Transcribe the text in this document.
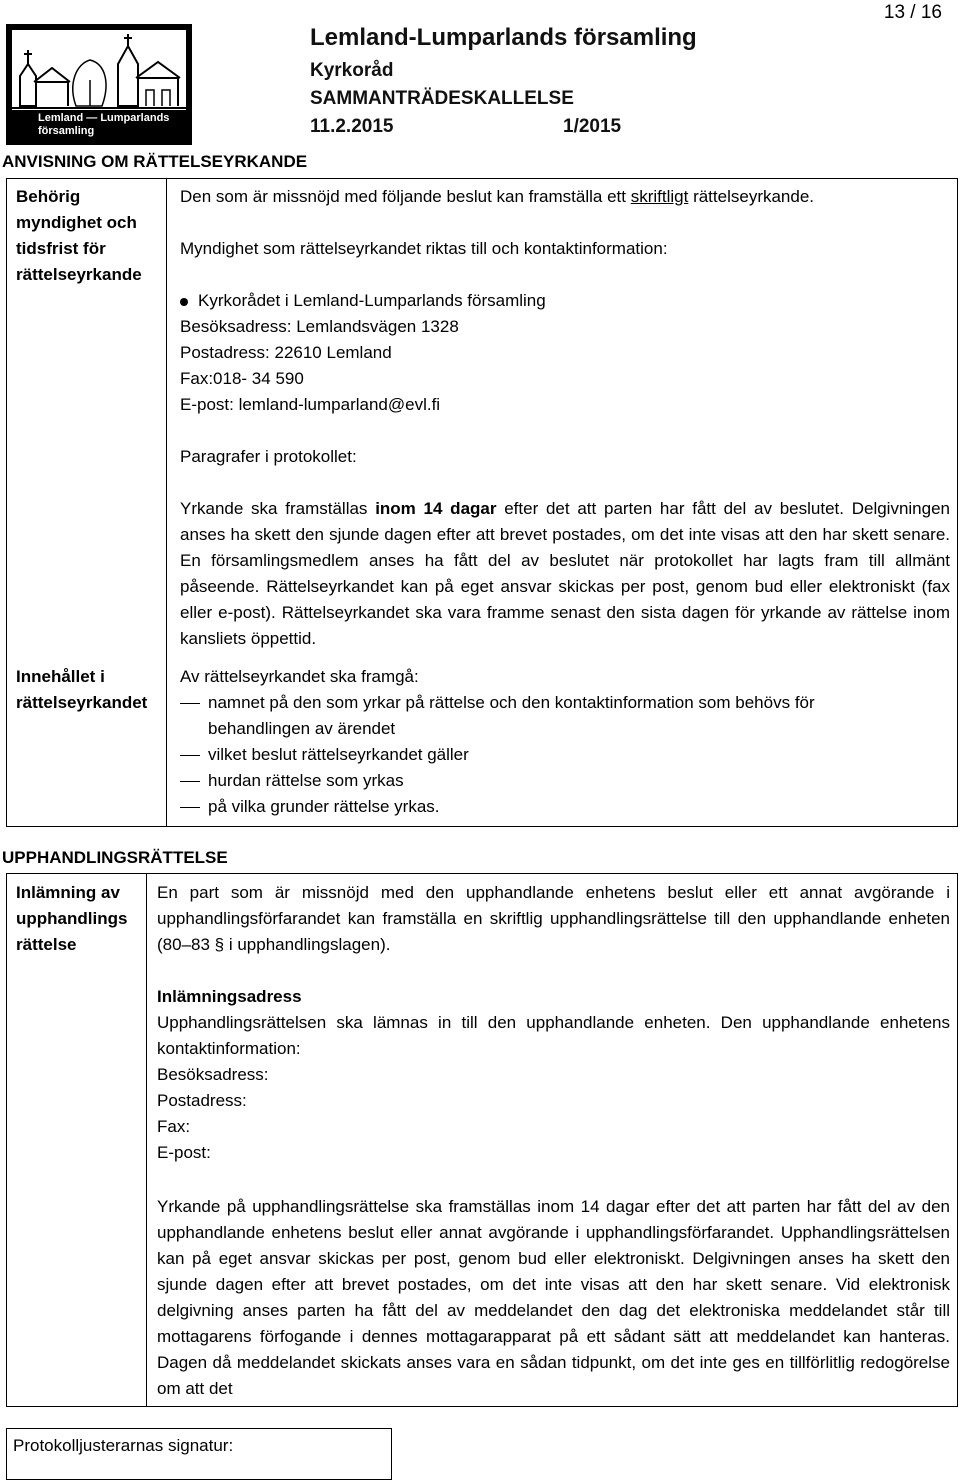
Lemland — Lumparlands församling
Lemland-Lumparlands församling
Kyrkoråd
SAMMANTRÄDESKALLELSE
11.2.2015	1/2015
13 / 16
ANVISNING OM RÄTTELSEYRKANDE
Behörig myndighet och tidsfrist för rättelseyrkande
Den som är missnöjd med följande beslut kan framställa ett skriftligt rättelseyrkande.
Myndighet som rättelseyrkandet riktas till och kontaktinformation:
Kyrkorådet i Lemland-Lumparlands församling
Besöksadress: Lemlandsvägen 1328
Postadress: 22610 Lemland
Fax:018- 34 590
E-post: lemland-lumparland@evl.fi
Paragrafer i protokollet:
Yrkande ska framställas inom 14 dagar efter det att parten har fått del av beslutet. Delgivningen anses ha skett den sjunde dagen efter att brevet postades, om det inte visas att den har skett senare. En församlingsmedlem anses ha fått del av beslutet när protokollet har lagts fram till allmänt påseende. Rättelseyrkandet kan på eget ansvar skickas per post, genom bud eller elektroniskt (fax eller e-post). Rättelseyrkandet ska vara framme senast den sista dagen för yrkande av rättelse inom kansliets öppettid.
Innehållet i rättelseyrkandet
Av rättelseyrkandet ska framgå:
namnet på den som yrkar på rättelse och den kontaktinformation som behövs för behandlingen av ärendet
vilket beslut rättelseyrkandet gäller
hurdan rättelse som yrkas
på vilka grunder rättelse yrkas.
UPPHANDLINGSRÄTTELSE
Inlämning av upphandlings rättelse
En part som är missnöjd med den upphandlande enhetens beslut eller ett annat avgörande i upphandlingsförfarandet kan framställa en skriftlig upphandlingsrättelse till den upphandlande enheten (80–83 § i upphandlingslagen).
Inlämningsadress
Upphandlingsrättelsen ska lämnas in till den upphandlande enheten. Den upphandlande enhetens kontaktinformation:
Besöksadress:
Postadress:
Fax:
E-post:
Yrkande på upphandlingsrättelse ska framställas inom 14 dagar efter det att parten har fått del av den upphandlande enhetens beslut eller annat avgörande i upphandlingsförfarandet. Upphandlingsrättelsen kan på eget ansvar skickas per post, genom bud eller elektroniskt. Delgivningen anses ha skett den sjunde dagen efter att brevet postades, om det inte visas att den har skett senare. Vid elektronisk delgivning anses parten ha fått del av meddelandet den dag det elektroniska meddelandet står till mottagarens förfogande i dennes mottagarapparat på ett sådant sätt att meddelandet kan hanteras. Dagen då meddelandet skickats anses vara en sådan tidpunkt, om det inte ges en tillförlitlig redogörelse om att det
Protokolljusterarnas signatur:
